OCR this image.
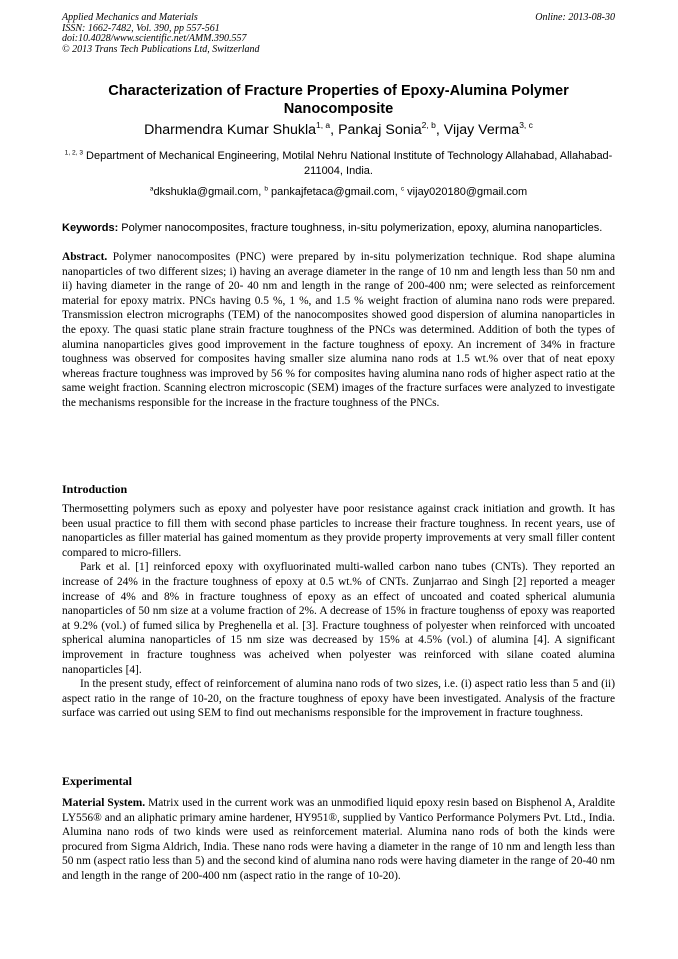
Applied Mechanics and Materials
ISSN: 1662-7482, Vol. 390, pp 557-561
doi:10.4028/www.scientific.net/AMM.390.557
© 2013 Trans Tech Publications Ltd, Switzerland
Online: 2013-08-30
Characterization of Fracture Properties of Epoxy-Alumina Polymer Nanocomposite
Dharmendra Kumar Shukla$^{1, a}$, Pankaj Sonia$^{2, b}$, Vijay Verma$^{3, c}$
$^{1, 2, 3}$ Department of Mechanical Engineering, Motilal Nehru National Institute of Technology Allahabad, Allahabad-211004, India.
$^a$dkshukla@gmail.com, $^b$ pankajfetaca@gmail.com, $^c$ vijay020180@gmail.com
Keywords: Polymer nanocomposites, fracture toughness, in-situ polymerization, epoxy, alumina nanoparticles.
Abstract. Polymer nanocomposites (PNC) were prepared by in-situ polymerization technique. Rod shape alumina nanoparticles of two different sizes; i) having an average diameter in the range of 10 nm and length less than 50 nm and ii) having diameter in the range of 20- 40 nm and length in the range of 200-400 nm; were selected as reinforcement material for epoxy matrix. PNCs having 0.5 %, 1 %, and 1.5 % weight fraction of alumina nano rods were prepared. Transmission electron micrographs (TEM) of the nanocomposites showed good dispersion of alumina nanoparticles in the epoxy. The quasi static plane strain fracture toughness of the PNCs was determined. Addition of both the types of alumina nanoparticles gives good improvement in the facture toughness of epoxy. An increment of 34% in fracture toughness was observed for composites having smaller size alumina nano rods at 1.5 wt.% over that of neat epoxy whereas fracture toughness was improved by 56 % for composites having alumina nano rods of higher aspect ratio at the same weight fraction. Scanning electron microscopic (SEM) images of the fracture surfaces were analyzed to investigate the mechanisms responsible for the increase in the fracture toughness of the PNCs.
Introduction
Thermosetting polymers such as epoxy and polyester have poor resistance against crack initiation and growth. It has been usual practice to fill them with second phase particles to increase their fracture toughness. In recent years, use of nanoparticles as filler material has gained momentum as they provide property improvements at very small filler content compared to micro-fillers.
Park et al. [1] reinforced epoxy with oxyfluorinated multi-walled carbon nano tubes (CNTs). They reported an increase of 24% in the fracture toughness of epoxy at 0.5 wt.% of CNTs. Zunjarrao and Singh [2] reported a meager increase of 4% and 8% in fracture toughness of epoxy as an effect of uncoated and coated spherical alumunia nanoparticles of 50 nm size at a volume fraction of 2%. A decrease of 15% in fracture toughenss of epoxy was reaported at 9.2% (vol.) of fumed silica by Preghenella et al. [3]. Fracture toughness of polyester when reinforced with uncoated spherical alumina nanoparticles of 15 nm size was decreased by 15% at 4.5% (vol.) of alumina [4]. A significant improvement in fracture toughness was acheived when polyester was reinforced with silane coated alumina nanoparticles [4].
In the present study, effect of reinforcement of alumina nano rods of two sizes, i.e. (i) aspect ratio less than 5 and (ii) aspect ratio in the range of 10-20, on the fracture toughness of epoxy have been investigated. Analysis of the fracture surface was carried out using SEM to find out mechanisms responsible for the improvement in fracture toughness.
Experimental
Material System. Matrix used in the current work was an unmodified liquid epoxy resin based on Bisphenol A, Araldite LY556® and an aliphatic primary amine hardener, HY951®, supplied by Vantico Performance Polymers Pvt. Ltd., India. Alumina nano rods of two kinds were used as reinforcement material. Alumina nano rods of both the kinds were procured from Sigma Aldrich, India. These nano rods were having a diameter in the range of 10 nm and length less than 50 nm (aspect ratio less than 5) and the second kind of alumina nano rods were having diameter in the range of 20-40 nm and length in the range of 200-400 nm (aspect ratio in the range of 10-20).
